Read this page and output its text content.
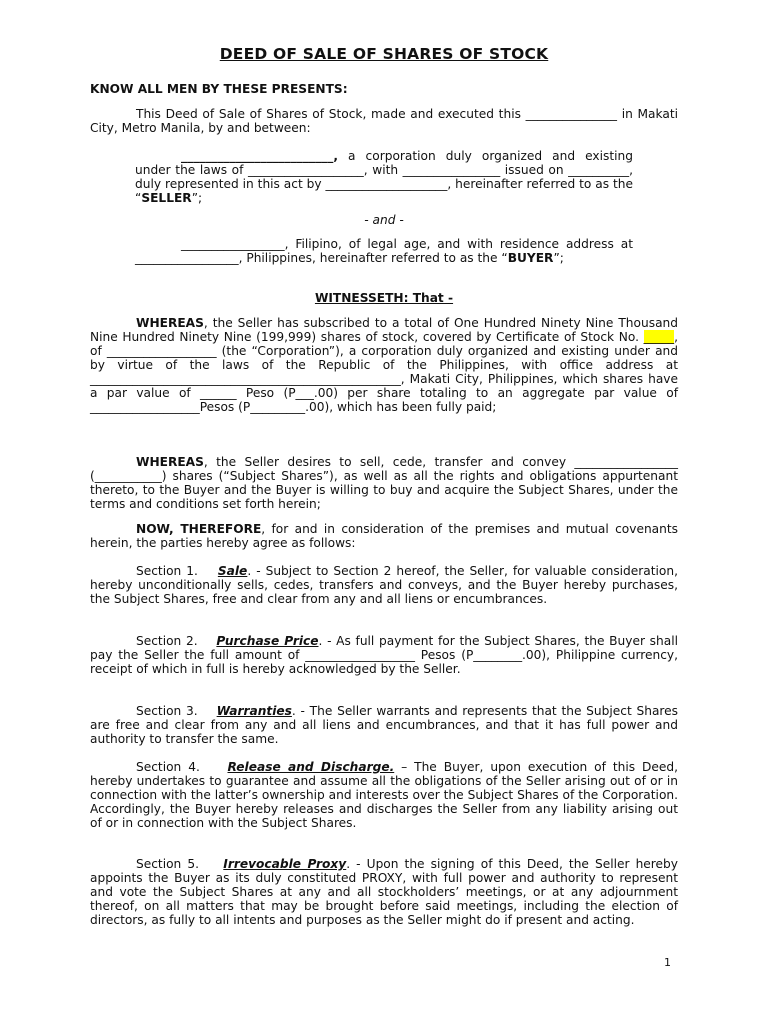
DEED OF SALE OF SHARES OF STOCK
KNOW ALL MEN BY THESE PRESENTS:
This Deed of Sale of Shares of Stock, made and executed this _______________ in Makati City, Metro Manila, by and between:
_________________________, a corporation duly organized and existing under the laws of ___________________, with ________________ issued on __________, duly represented in this act by ____________________, hereinafter referred to as the “SELLER”;
- and -
_________________, Filipino, of legal age, and with residence address at _________________, Philippines, hereinafter referred to as the “BUYER”;
WITNESSETH: That -
WHEREAS, the Seller has subscribed to a total of One Hundred Ninety Nine Thousand Nine Hundred Ninety Nine (199,999) shares of stock, covered by Certificate of Stock No. _____, of __________________ (the “Corporation”), a corporation duly organized and existing under and by virtue of the laws of the Republic of the Philippines, with office address at ___________________________________________________, Makati City, Philippines, which shares have a par value of ______ Peso (P___.00) per share totaling to an aggregate par value of __________________Pesos (P_________.00), which has been fully paid;
WHEREAS, the Seller desires to sell, cede, transfer and convey _________________ (___________) shares (“Subject Shares”), as well as all the rights and obligations appurtenant thereto, to the Buyer and the Buyer is willing to buy and acquire the Subject Shares, under the terms and conditions set forth herein;
NOW, THEREFORE, for and in consideration of the premises and mutual covenants herein, the parties hereby agree as follows:
Section 1. Sale. - Subject to Section 2 hereof, the Seller, for valuable consideration, hereby unconditionally sells, cedes, transfers and conveys, and the Buyer hereby purchases, the Subject Shares, free and clear from any and all liens or encumbrances.
Section 2. Purchase Price. - As full payment for the Subject Shares, the Buyer shall pay the Seller the full amount of __________________ Pesos (P________.00), Philippine currency, receipt of which in full is hereby acknowledged by the Seller.
Section 3. Warranties. - The Seller warrants and represents that the Subject Shares are free and clear from any and all liens and encumbrances, and that it has full power and authority to transfer the same.
Section 4. Release and Discharge. – The Buyer, upon execution of this Deed, hereby undertakes to guarantee and assume all the obligations of the Seller arising out of or in connection with the latter’s ownership and interests over the Subject Shares of the Corporation. Accordingly, the Buyer hereby releases and discharges the Seller from any liability arising out of or in connection with the Subject Shares.
Section 5. Irrevocable Proxy. - Upon the signing of this Deed, the Seller hereby appoints the Buyer as its duly constituted PROXY, with full power and authority to represent and vote the Subject Shares at any and all stockholders’ meetings, or at any adjournment thereof, on all matters that may be brought before said meetings, including the election of directors, as fully to all intents and purposes as the Seller might do if present and acting.
1
